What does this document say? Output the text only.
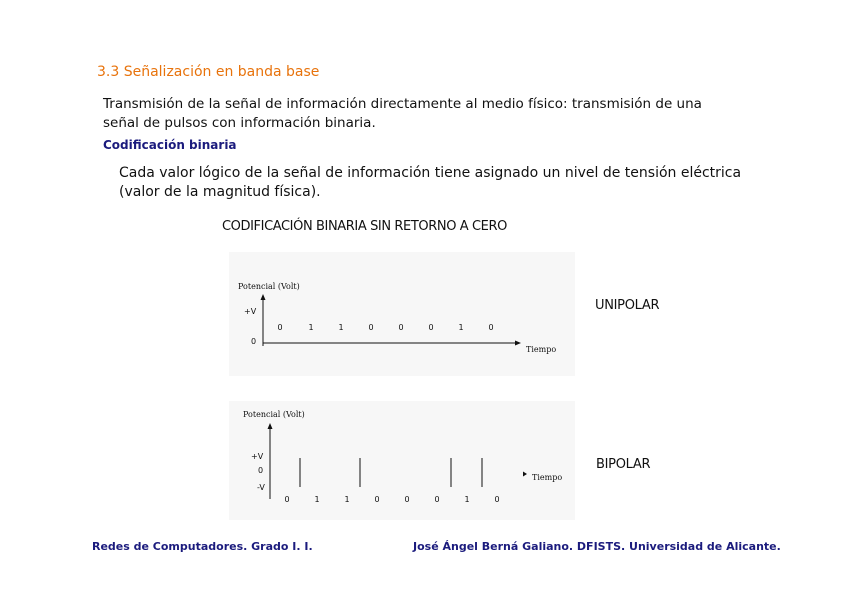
3.3 Señalización en banda base
Transmisión de la señal de información directamente al medio físico: transmisión de una
señal de pulsos con información binaria.
Codificación binaria
Cada valor lógico de la señal de información tiene asignado un nivel de tensión eléctrica
(valor de la magnitud física).
CODIFICACIÓN BINARIA SIN RETORNO A CERO
Potencial (Volt)
+V
0
Tiempo
0	1	1	0	0	0	1	0
UNIPOLAR
Potencial (Volt)
+V
0
-V
Tiempo
0	1	1	0	0	0	1	0
BIPOLAR
Redes de Computadores. Grado I. I.	José Ángel Berná Galiano. DFISTS. Universidad de Alicante.
